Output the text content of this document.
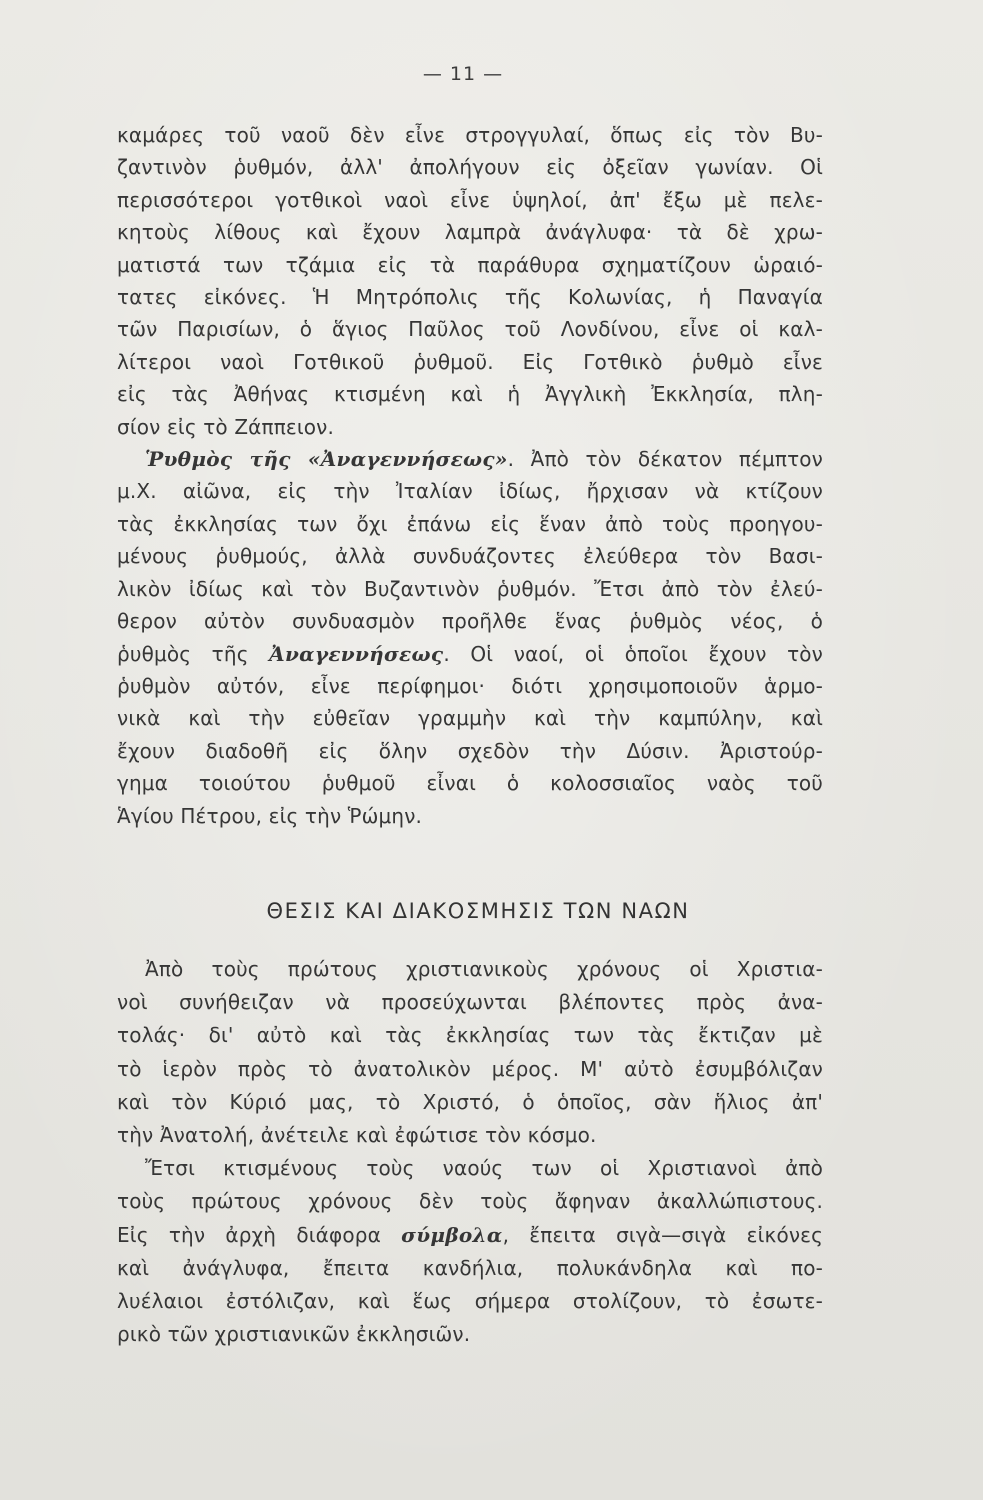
— 11 —
καμάρες τοῦ ναοῦ δὲν εἶνε στρογγυλαί, ὅπως εἰς τὸν Βυ-
ζαντινὸν ῥυθμόν, ἀλλ' ἀπολήγουν εἰς ὀξεῖαν γωνίαν. Οἱ
περισσότεροι γοτθικοὶ ναοὶ εἶνε ὑψηλοί, ἀπ' ἔξω μὲ πελε-
κητοὺς λίθους καὶ ἔχουν λαμπρὰ ἀνάγλυφα· τὰ δὲ χρω-
ματιστά των τζάμια εἰς τὰ παράθυρα σχηματίζουν ὡραιό-
τατες εἰκόνες. Ἡ Μητρόπολις τῆς Κολωνίας, ἡ Παναγία
τῶν Παρισίων, ὁ ἅγιος Παῦλος τοῦ Λονδίνου, εἶνε οἱ καλ-
λίτεροι ναοὶ Γοτθικοῦ ῥυθμοῦ. Εἰς Γοτθικὸ ῥυθμὸ εἶνε
εἰς τὰς Ἀθήνας κτισμένη καὶ ἡ Ἀγγλικὴ Ἐκκλησία, πλη-
σίον εἰς τὸ Ζάππειον.
Ῥυθμὸς τῆς «Ἀναγεννήσεως». Ἀπὸ τὸν δέκατον πέμπτον
μ.Χ. αἰῶνα, εἰς τὴν Ἰταλίαν ἰδίως, ἤρχισαν νὰ κτίζουν
τὰς ἐκκλησίας των ὄχι ἐπάνω εἰς ἕναν ἀπὸ τοὺς προηγου-
μένους ῥυθμούς, ἀλλὰ συνδυάζοντες ἐλεύθερα τὸν Βασι-
λικὸν ἰδίως καὶ τὸν Βυζαντινὸν ῥυθμόν. Ἔτσι ἀπὸ τὸν ἐλεύ-
θερον αὐτὸν συνδυασμὸν προῆλθε ἕνας ῥυθμὸς νέος, ὁ
ῥυθμὸς τῆς Ἀναγεννήσεως. Οἱ ναοί, οἱ ὁποῖοι ἔχουν τὸν
ῥυθμὸν αὐτόν, εἶνε περίφημοι· διότι χρησιμοποιοῦν ἁρμο-
νικὰ καὶ τὴν εὐθεῖαν γραμμὴν καὶ τὴν καμπύλην, καὶ
ἔχουν διαδοθῆ εἰς ὅλην σχεδὸν τὴν Δύσιν. Ἀριστούρ-
γημα τοιούτου ῥυθμοῦ εἶναι ὁ κολοσσιαῖος ναὸς τοῦ
Ἁγίου Πέτρου, εἰς τὴν Ῥώμην.
ΘΕΣΙΣ ΚΑΙ ΔΙΑΚΟΣΜΗΣΙΣ ΤΩΝ ΝΑΩΝ
Ἀπὸ τοὺς πρώτους χριστιανικοὺς χρόνους οἱ Χριστια-
νοὶ συνήθειζαν νὰ προσεύχωνται βλέποντες πρὸς ἀνα-
τολάς· δι' αὐτὸ καὶ τὰς ἐκκλησίας των τὰς ἔκτιζαν μὲ
τὸ ἱερὸν πρὸς τὸ ἀνατολικὸν μέρος. Μ' αὐτὸ ἐσυμβόλιζαν
καὶ τὸν Κύριό μας, τὸ Χριστό, ὁ ὁποῖος, σὰν ἥλιος ἀπ'
τὴν Ἀνατολή, ἀνέτειλε καὶ ἐφώτισε τὸν κόσμο.
Ἔτσι κτισμένους τοὺς ναούς των οἱ Χριστιανοὶ ἀπὸ
τοὺς πρώτους χρόνους δὲν τοὺς ἄφηναν ἀκαλλώπιστους.
Εἰς τὴν ἀρχὴ διάφορα σύμβολα, ἔπειτα σιγὰ—σιγὰ εἰκόνες
καὶ ἀνάγλυφα, ἔπειτα κανδήλια, πολυκάνδηλα καὶ πο-
λυέλαιοι ἐστόλιζαν, καὶ ἕως σήμερα στολίζουν, τὸ ἐσωτε-
ρικὸ τῶν χριστιανικῶν ἐκκλησιῶν.
